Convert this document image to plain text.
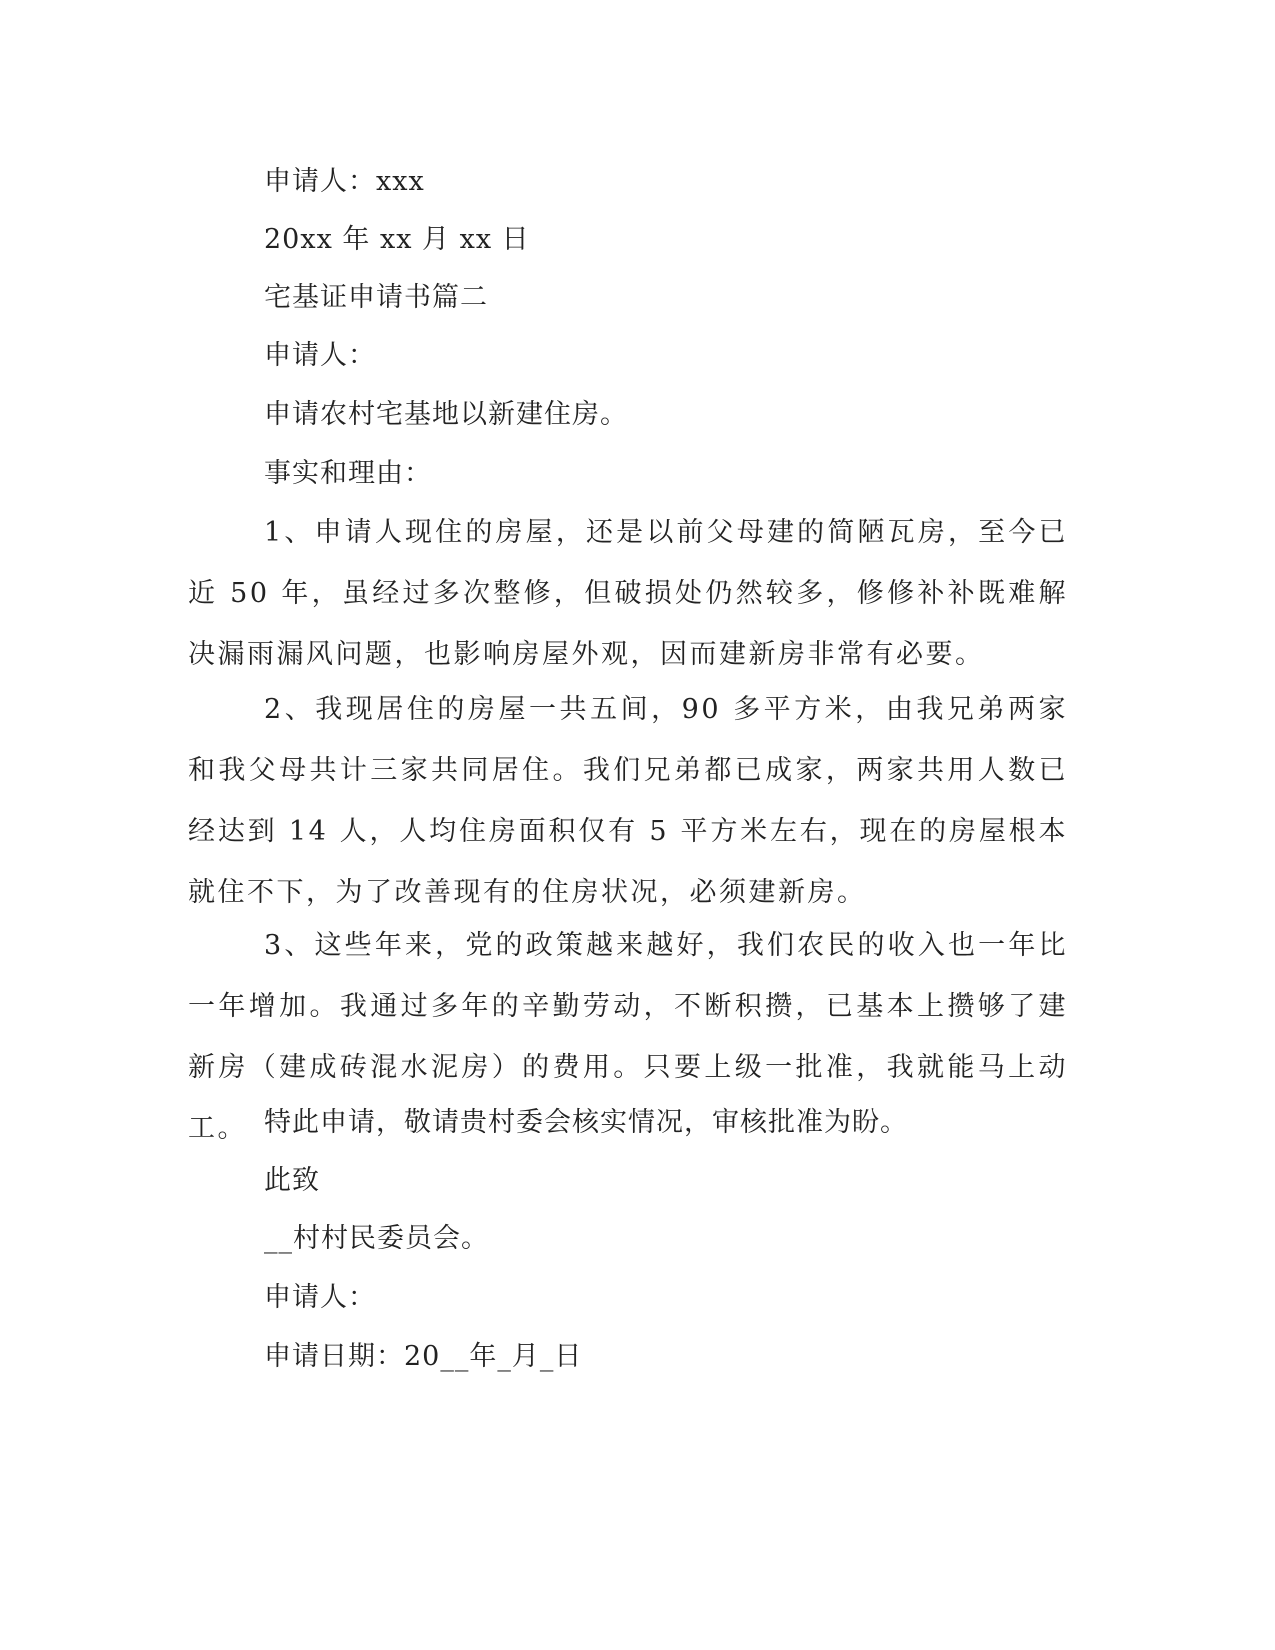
申请人：xxx
20xx 年 xx 月 xx 日
宅基证申请书篇二
申请人：
申请农村宅基地以新建住房。
事实和理由：
1、申请人现住的房屋，还是以前父母建的简陋瓦房，至今已近 50 年，虽经过多次整修，但破损处仍然较多，修修补补既难解决漏雨漏风问题，也影响房屋外观，因而建新房非常有必要。
2、我现居住的房屋一共五间，90 多平方米，由我兄弟两家和我父母共计三家共同居住。我们兄弟都已成家，两家共用人数已经达到 14 人，人均住房面积仅有 5 平方米左右，现在的房屋根本就住不下，为了改善现有的住房状况，必须建新房。
3、这些年来，党的政策越来越好，我们农民的收入也一年比一年增加。我通过多年的辛勤劳动，不断积攒，已基本上攒够了建新房（建成砖混水泥房）的费用。只要上级一批准，我就能马上动工。 特此申请，敬请贵村委会核实情况，审核批准为盼。
此致
__村村民委员会。
申请人：
申请日期：20__年_月_日
